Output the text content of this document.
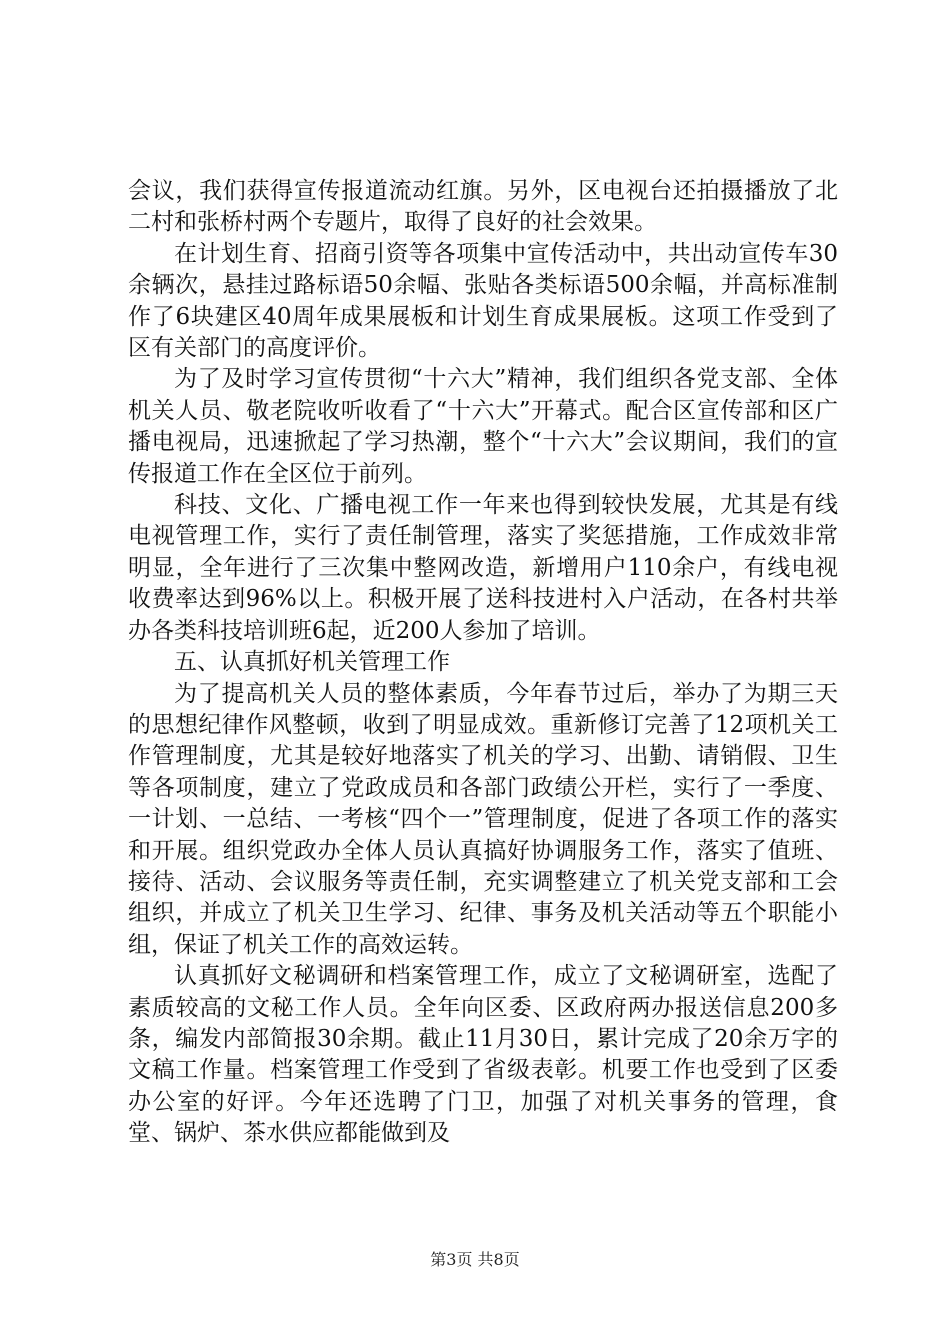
会议，我们获得宣传报道流动红旗。另外，区电视台还拍摄播放了北二村和张桥村两个专题片，取得了良好的社会效果。

在计划生育、招商引资等各项集中宣传活动中，共出动宣传车30余辆次，悬挂过路标语50余幅、张贴各类标语500余幅，并高标准制作了6块建区40周年成果展板和计划生育成果展板。这项工作受到了区有关部门的高度评价。

为了及时学习宣传贯彻“十六大”精神，我们组织各党支部、全体机关人员、敬老院收听收看了“十六大”开幕式。配合区宣传部和区广播电视局，迅速掀起了学习热潮，整个“十六大”会议期间，我们的宣传报道工作在全区位于前列。

科技、文化、广播电视工作一年来也得到较快发展，尤其是有线电视管理工作，实行了责任制管理，落实了奖惩措施，工作成效非常明显，全年进行了三次集中整网改造，新增用户110余户，有线电视收费率达到96%以上。积极开展了送科技进村入户活动，在各村共举办各类科技培训班6起，近200人参加了培训。

五、认真抓好机关管理工作

为了提高机关人员的整体素质，今年春节过后，举办了为期三天的思想纪律作风整顿，收到了明显成效。重新修订完善了12项机关工作管理制度，尤其是较好地落实了机关的学习、出勤、请销假、卫生等各项制度，建立了党政成员和各部门政绩公开栏，实行了一季度、一计划、一总结、一考核“四个一”管理制度，促进了各项工作的落实和开展。组织党政办全体人员认真搞好协调服务工作，落实了值班、接待、活动、会议服务等责任制，充实调整建立了机关党支部和工会组织，并成立了机关卫生学习、纪律、事务及机关活动等五个职能小组，保证了机关工作的高效运转。

认真抓好文秘调研和档案管理工作，成立了文秘调研室，选配了素质较高的文秘工作人员。全年向区委、区政府两办报送信息200多条，编发内部简报30余期。截止11月30日，累计完成了20余万字的文稿工作量。档案管理工作受到了省级表彰。机要工作也受到了区委办公室的好评。今年还选聘了门卫，加强了对机关事务的管理，食堂、锅炉、茶水供应都能做到及

第3页 共8页
